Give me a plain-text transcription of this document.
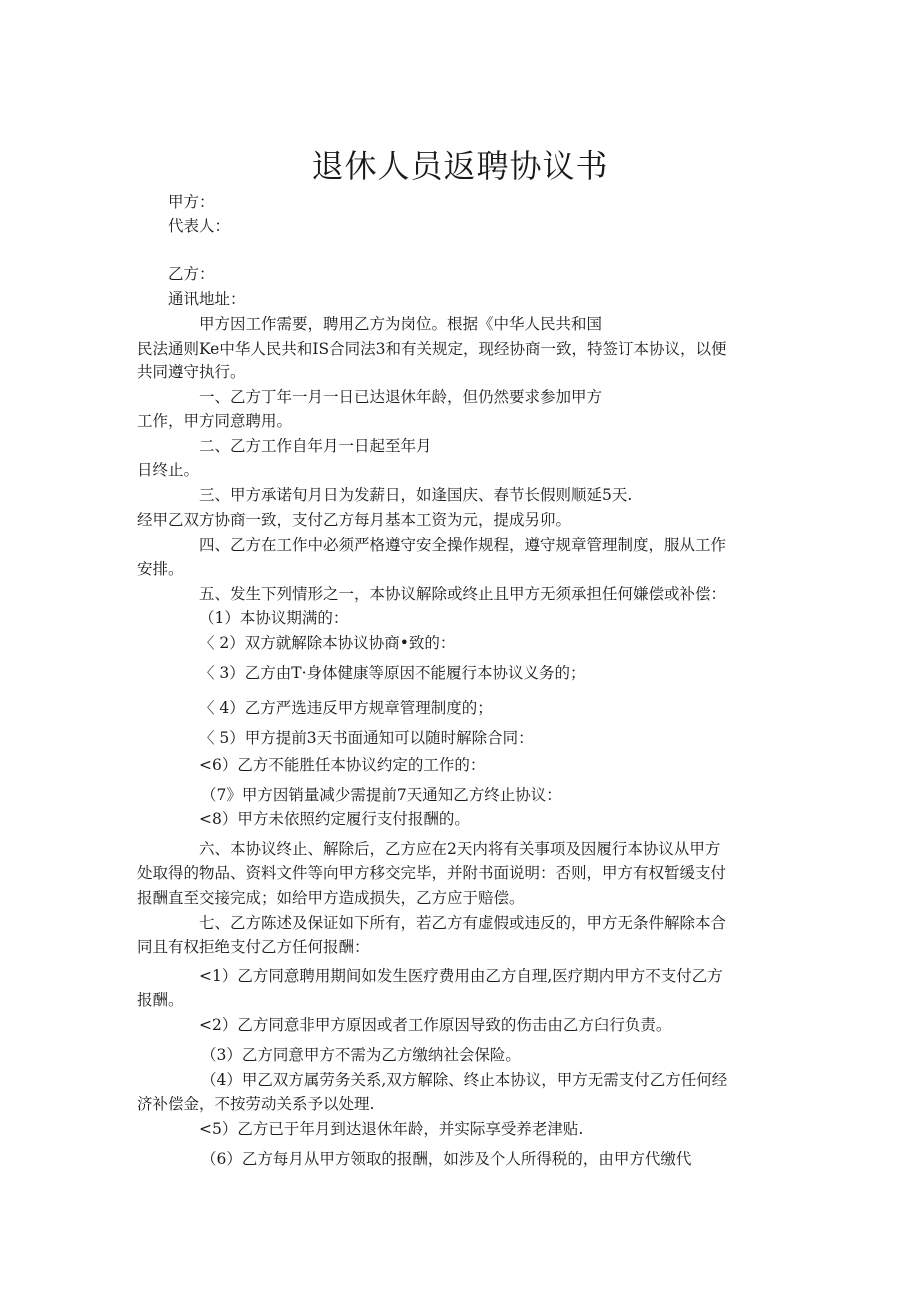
退休人员返聘协议书

甲方：

代表人：

乙方：

通讯地址：

甲方因工作需要，聘用乙方为岗位。根据《中华人民共和国

民法通则Ke中华人民共和IS合同法3和有关规定，现经协商一致，特签订本协议，以便

共同遵守执行。

一、乙方丁年一月一日已达退休年龄，但仍然要求参加甲方

工作，甲方同意聘用。

二、乙方工作自年月一日起至年月

日终止。

三、甲方承诺旬月日为发薪日，如逢国庆、春节长假则顺延5天.

经甲乙双方协商一致，支付乙方每月基本工资为元，提成另卯。

四、乙方在工作中必须严格遵守安全操作规程，遵守规章管理制度，服从工作

安排。

五、发生下列情形之一，本协议解除或终止且甲方无须承担任何嫌偿或补偿：

（1）本协议期满的：

〈 2）双方就解除本协议协商•致的：

〈 3）乙方由T·身体健康等原因不能履行本协议义务的；

〈 4）乙方严选违反甲方规章管理制度的；

〈 5）甲方提前3天书面通知可以随时解除合同：

<6）乙方不能胜任本协议约定的工作的：

（7》甲方因销量减少需提前7天通知乙方终止协议：

<8）甲方未依照约定履行支付报酬的。

六、本协议终止、解除后，乙方应在2天内将有关事项及因履行本协议从甲方

处取得的物品、资料文件等向甲方移交完毕，并附书面说明：否则，甲方有权暂缓支付

报酬直至交接完成；如给甲方造成损失，乙方应于赔偿。

七、乙方陈述及保证如下所有，若乙方有虚假或违反的，甲方无条件解除本合

同且有权拒绝支付乙方任何报酬：

<1）乙方同意聘用期间如发生医疗费用由乙方自理,医疗期内甲方不支付乙方

报酬。

<2）乙方同意非甲方原因或者工作原因导致的伤击由乙方臼行负责。

（3）乙方同意甲方不需为乙方缴纳社会保险。

（4）甲乙双方属劳务关系,双方解除、终止本协议，甲方无需支付乙方任何经

济补偿金，不按劳动关系予以处理.

<5）乙方已于年月到达退休年龄，并实际享受养老津贴.

（6）乙方每月从甲方领取的报酬，如涉及个人所得税的，由甲方代缴代
